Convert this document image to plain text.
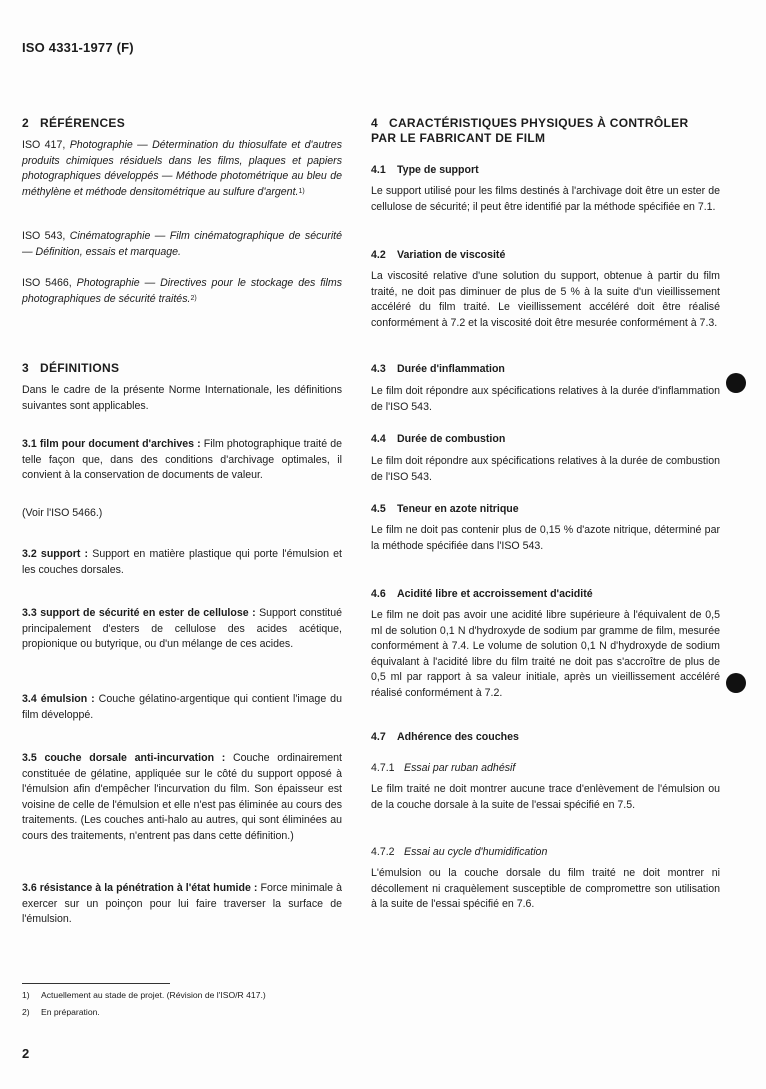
ISO 4331-1977 (F)
2 RÉFÉRENCES
ISO 417, Photographie — Détermination du thiosulfate et d'autres produits chimiques résiduels dans les films, plaques et papiers photographiques développés — Méthode photométrique au bleu de méthylène et méthode densitométrique au sulfure d'argent.$^{1)}$
ISO 543, Cinématographie — Film cinématographique de sécurité — Définition, essais et marquage.
ISO 5466, Photographie — Directives pour le stockage des films photographiques de sécurité traités.$^{2)}$
3 DÉFINITIONS
Dans le cadre de la présente Norme Internationale, les définitions suivantes sont applicables.
3.1 film pour document d'archives : Film photographique traité de telle façon que, dans des conditions d'archivage optimales, il convient à la conservation de documents de valeur.
(Voir l'ISO 5466.)
3.2 support : Support en matière plastique qui porte l'émulsion et les couches dorsales.
3.3 support de sécurité en ester de cellulose : Support constitué principalement d'esters de cellulose des acides acétique, propionique ou butyrique, ou d'un mélange de ces acides.
3.4 émulsion : Couche gélatino-argentique qui contient l'image du film développé.
3.5 couche dorsale anti-incurvation : Couche ordinairement constituée de gélatine, appliquée sur le côté du support opposé à l'émulsion afin d'empêcher l'incurvation du film. Son épaisseur est voisine de celle de l'émulsion et elle n'est pas éliminée au cours des traitements. (Les couches anti-halo au autres, qui sont éliminées au cours des traitements, n'entrent pas dans cette définition.)
3.6 résistance à la pénétration à l'état humide : Force minimale à exercer sur un poinçon pour lui faire traverser la surface de l'émulsion.
4 CARACTÉRISTIQUES PHYSIQUES À CONTRÔLER
PAR LE FABRICANT DE FILM
4.1 Type de support
Le support utilisé pour les films destinés à l'archivage doit être un ester de cellulose de sécurité; il peut être identifié par la méthode spécifiée en 7.1.
4.2 Variation de viscosité
La viscosité relative d'une solution du support, obtenue à partir du film traité, ne doit pas diminuer de plus de 5 % à la suite d'un vieillissement accéléré du film traité. Le vieillissement accéléré doit être réalisé conformément à 7.2 et la viscosité doit être mesurée conformément à 7.3.
4.3 Durée d'inflammation
Le film doit répondre aux spécifications relatives à la durée d'inflammation de l'ISO 543.
4.4 Durée de combustion
Le film doit répondre aux spécifications relatives à la durée de combustion de l'ISO 543.
4.5 Teneur en azote nitrique
Le film ne doit pas contenir plus de 0,15 % d'azote nitrique, déterminé par la méthode spécifiée dans l'ISO 543.
4.6 Acidité libre et accroissement d'acidité
Le film ne doit pas avoir une acidité libre supérieure à l'équivalent de 0,5 ml de solution 0,1 N d'hydroxyde de sodium par gramme de film, mesurée conformément à 7.4. Le volume de solution 0,1 N d'hydroxyde de sodium équivalant à l'acidité libre du film traité ne doit pas s'accroître de plus de 0,5 ml par rapport à sa valeur initiale, après un vieillissement accéléré réalisé conformément à 7.2.
4.7 Adhérence des couches
4.7.1 Essai par ruban adhésif
Le film traité ne doit montrer aucune trace d'enlèvement de l'émulsion ou de la couche dorsale à la suite de l'essai spécifié en 7.5.
4.7.2 Essai au cycle d'humidification
L'émulsion ou la couche dorsale du film traité ne doit montrer ni décollement ni craquèlement susceptible de compromettre son utilisation à la suite de l'essai spécifié en 7.6.
1) Actuellement au stade de projet. (Révision de l'ISO/R 417.)
2) En préparation.
2
